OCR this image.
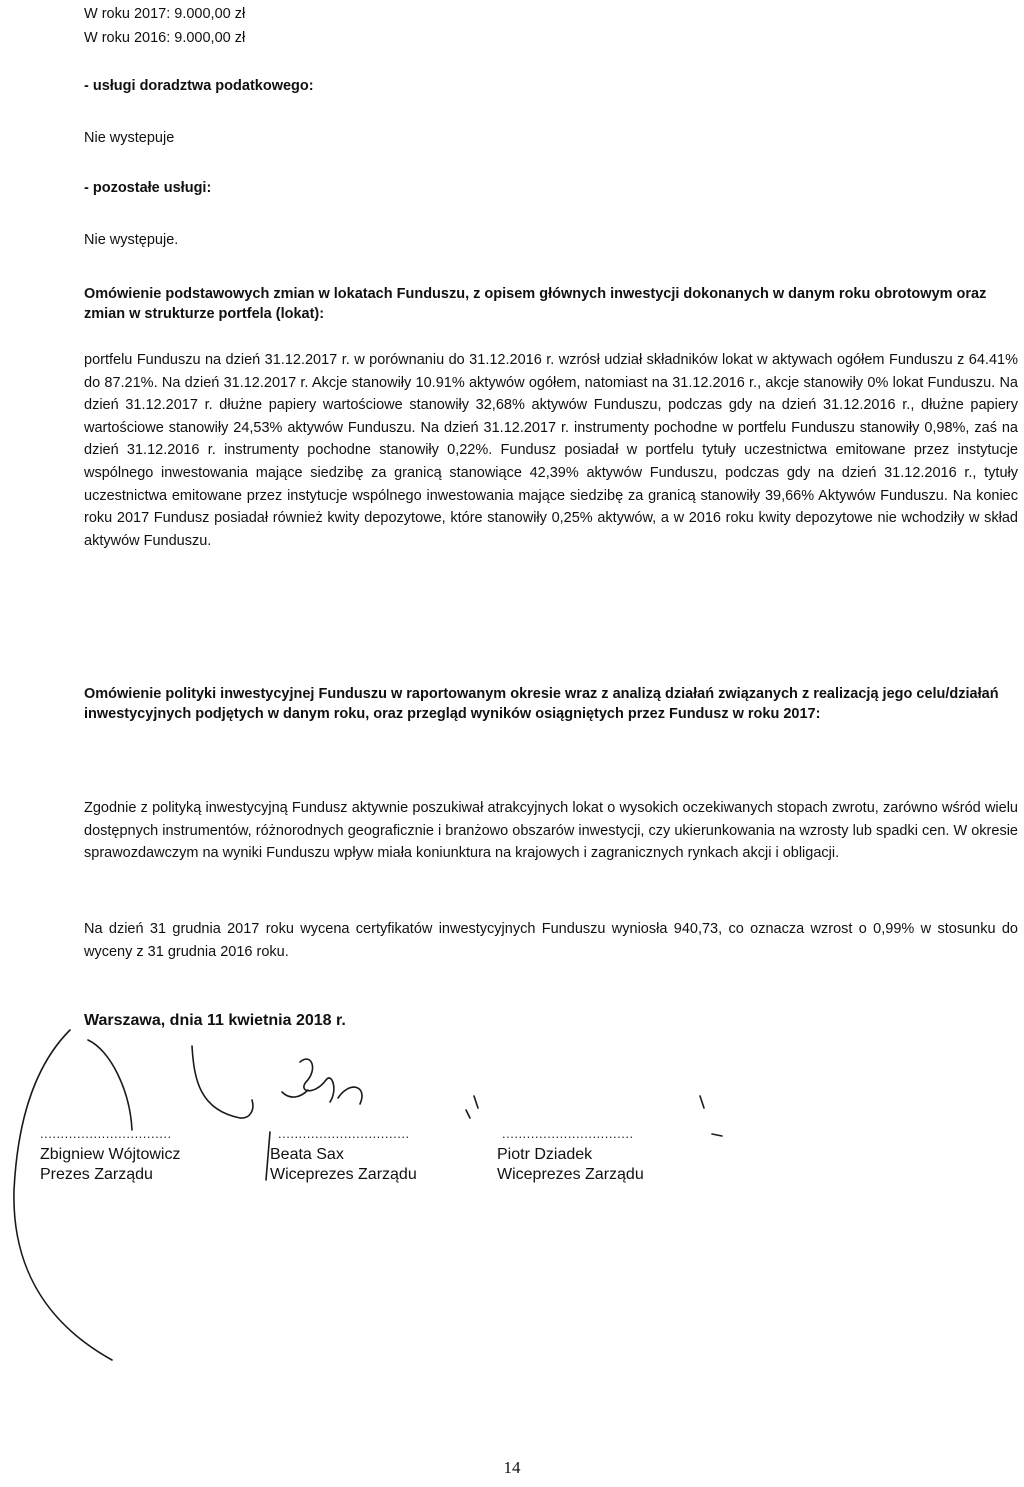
W roku 2017: 9.000,00 zł
W roku 2016: 9.000,00 zł
- usługi doradztwa podatkowego:
Nie wystepuje
- pozostałe usługi:
Nie występuje.
Omówienie podstawowych zmian w lokatach Funduszu, z opisem głównych inwestycji dokonanych w danym roku obrotowym oraz zmian w strukturze portfela (lokat):
portfelu Funduszu na dzień 31.12.2017 r. w porównaniu do 31.12.2016 r. wzrósł udział składników lokat w aktywach ogółem Funduszu z 64.41% do 87.21%. Na dzień 31.12.2017 r. Akcje stanowiły 10.91% aktywów ogółem, natomiast na 31.12.2016 r., akcje stanowiły 0% lokat Funduszu. Na dzień 31.12.2017 r. dłużne papiery wartościowe stanowiły 32,68% aktywów Funduszu, podczas gdy na dzień 31.12.2016 r., dłużne papiery wartościowe stanowiły 24,53% aktywów Funduszu. Na dzień 31.12.2017 r. instrumenty pochodne w portfelu Funduszu stanowiły 0,98%, zaś na dzień 31.12.2016 r. instrumenty pochodne stanowiły 0,22%. Fundusz posiadał w portfelu tytuły uczestnictwa emitowane przez instytucje wspólnego inwestowania mające siedzibę za granicą stanowiące 42,39% aktywów Funduszu, podczas gdy na dzień 31.12.2016 r., tytuły uczestnictwa emitowane przez instytucje wspólnego inwestowania mające siedzibę za granicą stanowiły 39,66% Aktywów Funduszu. Na koniec roku 2017 Fundusz posiadał również kwity depozytowe, które stanowiły 0,25% aktywów, a w 2016 roku kwity depozytowe nie wchodziły w skład aktywów Funduszu.
Omówienie polityki inwestycyjnej Funduszu w raportowanym okresie wraz z analizą działań związanych z realizacją jego celu/działań inwestycyjnych podjętych w danym roku, oraz przegląd wyników osiągniętych przez Fundusz w roku 2017:
Zgodnie z polityką inwestycyjną Fundusz aktywnie poszukiwał atrakcyjnych lokat o wysokich oczekiwanych stopach zwrotu, zarówno wśród wielu dostępnych instrumentów, różnorodnych geograficznie i branżowo obszarów inwestycji, czy ukierunkowania na wzrosty lub spadki cen. W okresie sprawozdawczym na wyniki Funduszu wpływ miała koniunktura na krajowych i zagranicznych rynkach akcji i obligacji.
Na dzień 31 grudnia 2017 roku wycena certyfikatów inwestycyjnych Funduszu wyniosła 940,73, co oznacza wzrost o 0,99% w stosunku do wyceny z 31 grudnia 2016 roku.
Warszawa, dnia 11 kwietnia 2018 r.
................................	................................	................................
Zbigniew Wójtowicz
Prezes Zarządu
Beata Sax
Wiceprezes Zarządu
Piotr Dziadek
Wiceprezes Zarządu
14
